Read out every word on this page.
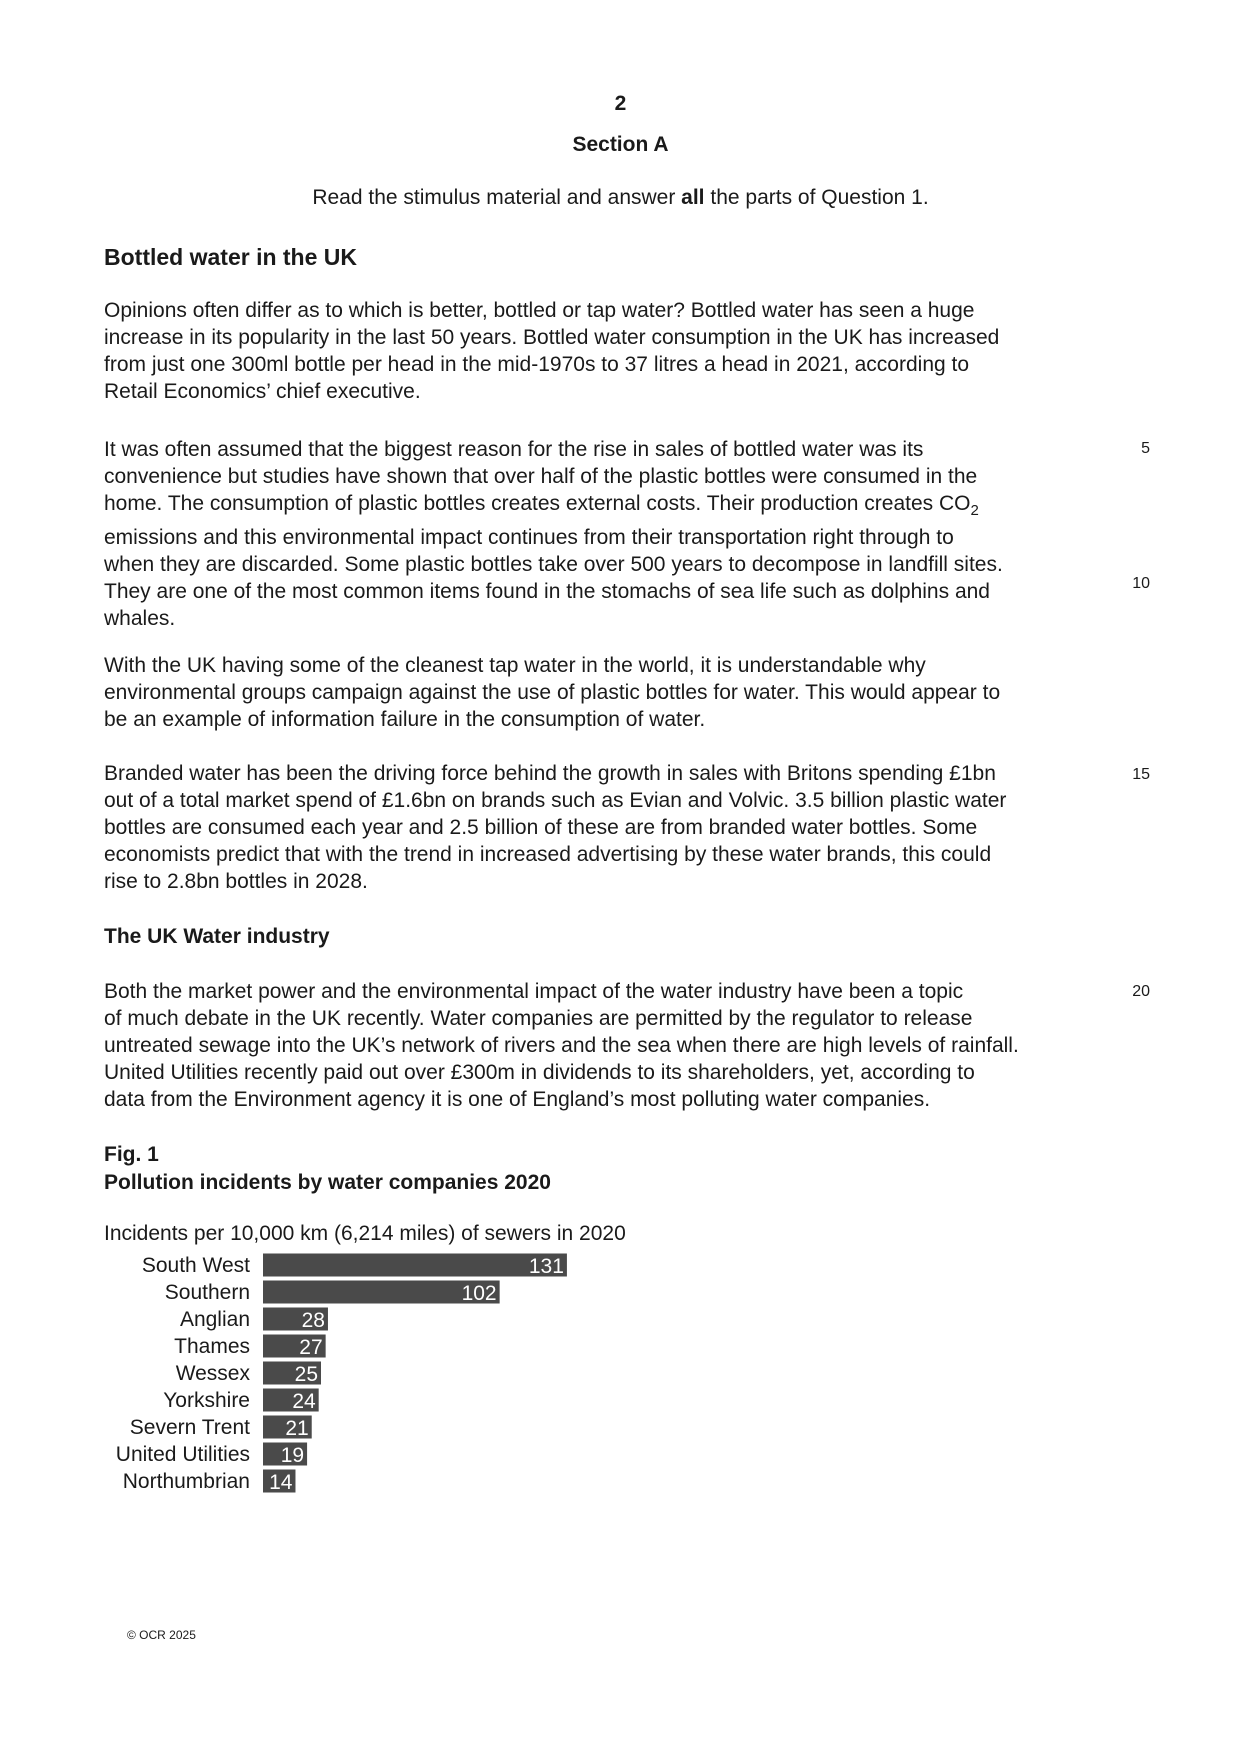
2
Section A
Read the stimulus material and answer all the parts of Question 1.
Bottled water in the UK
Opinions often differ as to which is better, bottled or tap water? Bottled water has seen a huge
increase in its popularity in the last 50 years. Bottled water consumption in the UK has increased
from just one 300ml bottle per head in the mid-1970s to 37 litres a head in 2021, according to
Retail Economics’ chief executive.
It was often assumed that the biggest reason for the rise in sales of bottled water was its
convenience but studies have shown that over half of the plastic bottles were consumed in the
home. The consumption of plastic bottles creates external costs. Their production creates $CO_2$
emissions and this environmental impact continues from their transportation right through to
when they are discarded. Some plastic bottles take over 500 years to decompose in landfill sites.
They are one of the most common items found in the stomachs of sea life such as dolphins and
whales.
With the UK having some of the cleanest tap water in the world, it is understandable why
environmental groups campaign against the use of plastic bottles for water. This would appear to
be an example of information failure in the consumption of water.
Branded water has been the driving force behind the growth in sales with Britons spending £1bn
out of a total market spend of £1.6bn on brands such as Evian and Volvic. 3.5 billion plastic water
bottles are consumed each year and 2.5 billion of these are from branded water bottles. Some
economists predict that with the trend in increased advertising by these water brands, this could
rise to 2.8bn bottles in 2028.
The UK Water industry
Both the market power and the environmental impact of the water industry have been a topic
of much debate in the UK recently. Water companies are permitted by the regulator to release
untreated sewage into the UK’s network of rivers and the sea when there are high levels of rainfall.
United Utilities recently paid out over £300m in dividends to its shareholders, yet, according to
data from the Environment agency it is one of England’s most polluting water companies.
5
10
15
20
Fig. 1
Pollution incidents by water companies 2020
Incidents per 10,000 km (6,214 miles) of sewers in 2020
South West	131
Southern	102
Anglian 28
Thames 27
Wessex 25
Yorkshire 24
Severn Trent 21
United Utilities 19
Northumbrian 14
© OCR 2025
